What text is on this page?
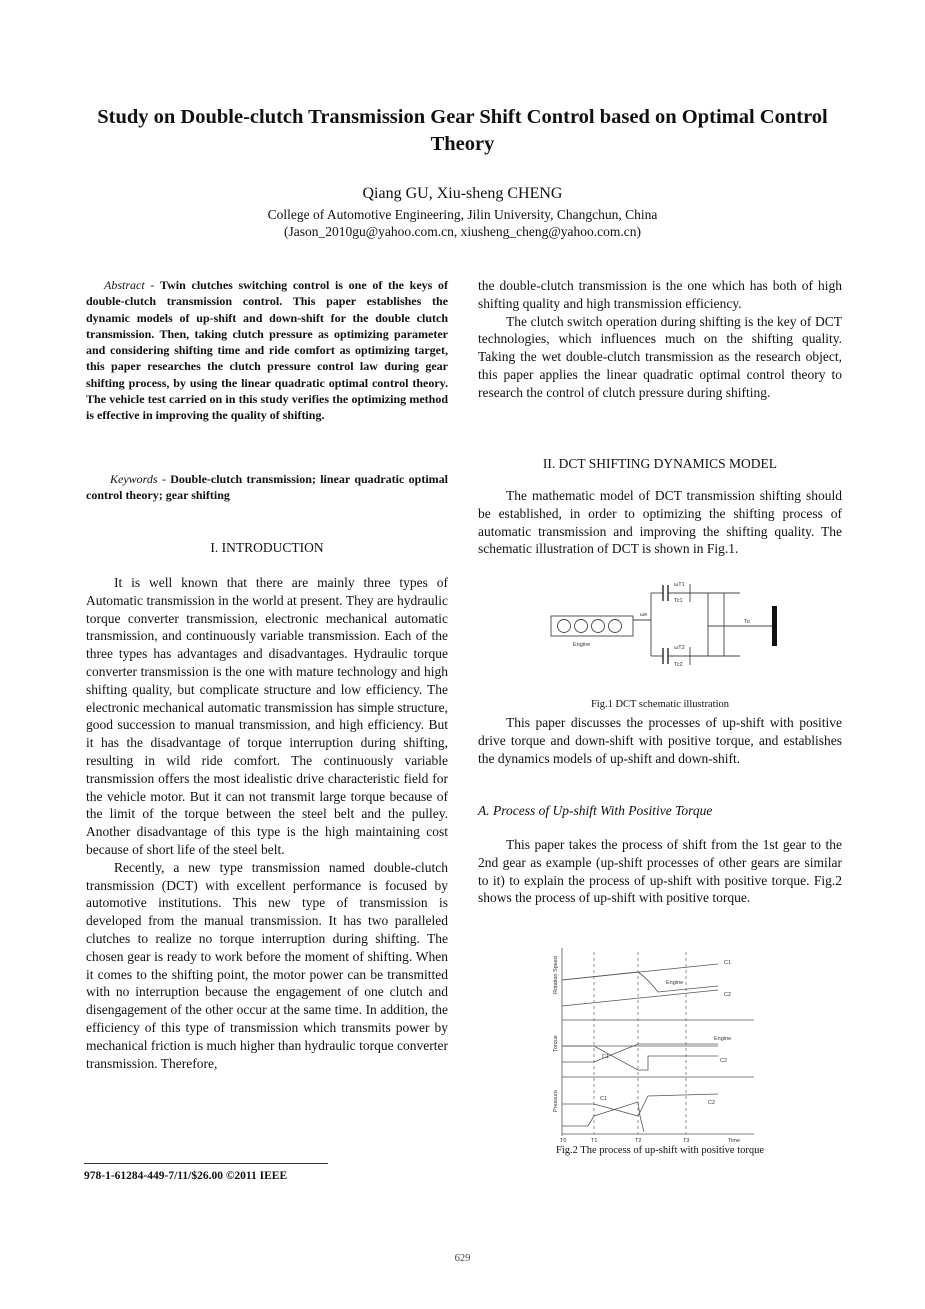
Study on Double-clutch Transmission Gear Shift Control based on Optimal Control Theory
Qiang GU, Xiu-sheng CHENG
College of Automotive Engineering, Jilin University, Changchun, China
(Jason_2010gu@yahoo.com.cn, xiusheng_cheng@yahoo.com.cn)
Abstract - Twin clutches switching control is one of the keys of double-clutch transmission control. This paper establishes the dynamic models of up-shift and down-shift for the double clutch transmission. Then, taking clutch pressure as optimizing parameter and considering shifting time and ride comfort as optimizing target, this paper researches the clutch pressure control law during gear shifting process, by using the linear quadratic optimal control theory. The vehicle test carried on in this study verifies the optimizing method is effective in improving the quality of shifting.
Keywords - Double-clutch transmission; linear quadratic optimal control theory; gear shifting
I. INTRODUCTION

It is well known that there are mainly three types of Automatic transmission in the world at present. They are hydraulic torque converter transmission, electronic mechanical automatic transmission, and continuously variable transmission. Each of the three types has advantages and disadvantages. Hydraulic torque converter transmission is the one with mature technology and high shifting quality, but complicate structure and low efficiency. The electronic mechanical automatic transmission has simple structure, good succession to manual transmission, and high efficiency. But it has the disadvantage of torque interruption during shifting, resulting in wild ride comfort. The continuously variable transmission offers the most idealistic drive characteristic field for the vehicle motor. But it can not transmit large torque because of the limit of the torque between the steel belt and the pulley. Another disadvantage of this type is the high maintaining cost because of short life of the steel belt.

Recently, a new type transmission named double-clutch transmission (DCT) with excellent performance is focused by automotive institutions. This new type of transmission is developed from the manual transmission. It has two paralleled clutches to realize no torque interruption during shifting. The chosen gear is ready to work before the moment of shifting. When it comes to the shifting point, the motor power can be transmitted with no interruption because the engagement of one clutch and disengagement of the other occur at the same time. In addition, the efficiency of this type of transmission which transmits power by mechanical friction is much higher than hydraulic torque converter transmission. Therefore,

978-1-61284-449-7/11/$26.00 ©2011 IEEE

the double-clutch transmission is the one which has both of high shifting quality and high transmission efficiency.

The clutch switch operation during shifting is the key of DCT technologies, which influences much on the shifting quality. Taking the wet double-clutch transmission as the research object, this paper applies the linear quadratic optimal control theory to research the control of clutch pressure during shifting.

II. DCT SHIFTING DYNAMICS MODEL

The mathematic model of DCT transmission shifting should be established, in order to optimizing the shifting process of automatic transmission and improving the shifting quality. The schematic illustration of DCT is shown in Fig.1.

Engine
ωe
ωT1
Tc1
ωT2
Tc2
To
Fig.1 DCT schematic illustration

This paper discusses the processes of up-shift with positive drive torque and down-shift with positive torque, and establishes the dynamics models of up-shift and down-shift.

A. Process of Up-shift With Positive Torque

This paper takes the process of shift from the 1st gear to the 2nd gear as example (up-shift processes of other gears are similar to it) to explain the process of up-shift with positive torque. Fig.2 shows the process of up-shift with positive torque.

Rotation Speed
Torque
Pressure
C1
C2
Engine
Engine
C1
C2
C1
C2
T0	T1	T2	T3	Time
Fig.2 The process of up-shift with positive torque
629
